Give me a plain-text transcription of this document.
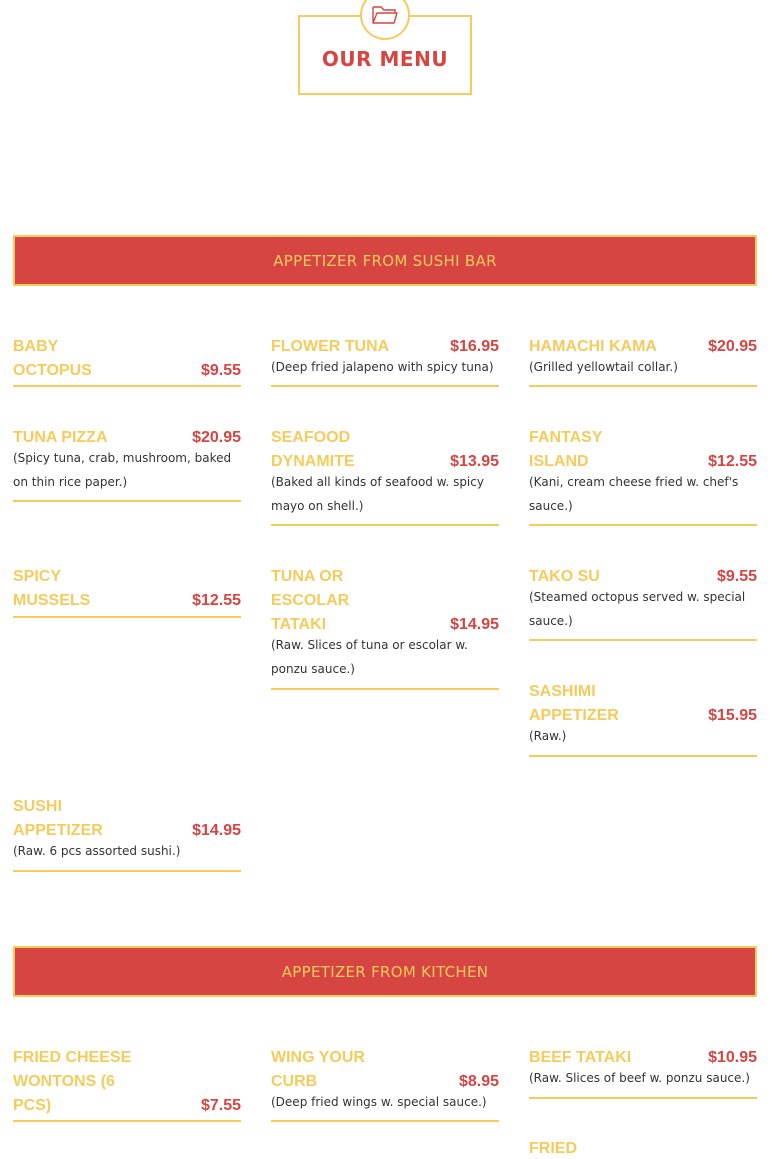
OUR MENU
APPETIZER FROM SUSHI BAR
BABY OCTOPUS	$9.55
FLOWER TUNA	$16.95
(Deep fried jalapeno with spicy tuna)
HAMACHI KAMA	$20.95
(Grilled yellowtail collar.)
TUNA PIZZA	$20.95
(Spicy tuna, crab, mushroom, baked on thin rice paper.)
SEAFOOD DYNAMITE	$13.95
(Baked all kinds of seafood w. spicy mayo on shell.)
FANTASY ISLAND	$12.55
(Kani, cream cheese fried w. chef's sauce.)
SPICY MUSSELS	$12.55
TUNA OR ESCOLAR TATAKI	$14.95
(Raw. Slices of tuna or escolar w. ponzu sauce.)
TAKO SU	$9.55
(Steamed octopus served w. special sauce.)
SASHIMI APPETIZER	$15.95
(Raw.)
SUSHI APPETIZER	$14.95
(Raw. 6 pcs assorted sushi.)
APPETIZER FROM KITCHEN
FRIED CHEESE WONTONS (6 PCS)	$7.55
WING YOUR CURB	$8.95
(Deep fried wings w. special sauce.)
BEEF TATAKI	$10.95
(Raw. Slices of beef w. ponzu sauce.)
FRIED
